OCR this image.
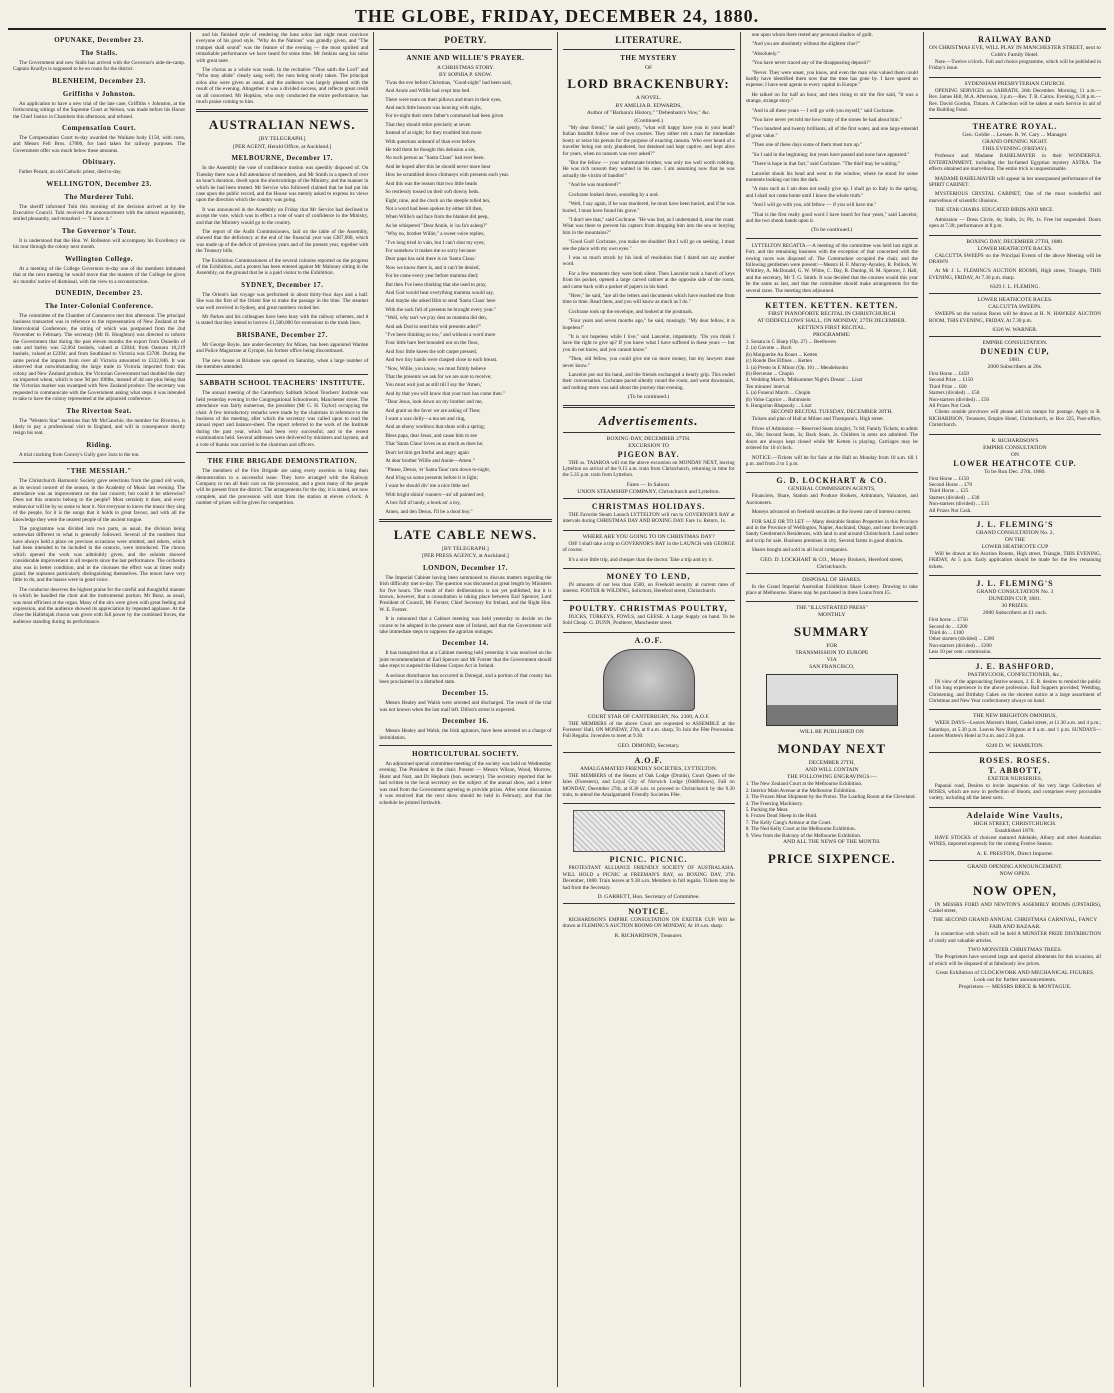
THE GLOBE, FRIDAY, DECEMBER 24, 1880.
OPUNAKE, December 23.
The Stalls.

The Government and new Stalls has arrived with the Governor's aide-de-camp. Captain Knollys is supposed to be en route for the district.

BLENHEIM, December 23.
Griffiths v Johnston.

An application to have a new trial of the late case, Griffiths v Johnston, at the forthcoming sittings of the Supreme Court at Nelson, was made before his Honor the Chief Justice in Chambers this afternoon, and refused.

Compensation Court.

The Compensation Court to-day awarded the Waikato body £150, with costs, and Messrs Fell Bros. £7000, for land taken for railway purposes. The Government offer was much below these amounts.

Obituary.

Father Pezant, an old Catholic priest, died to-day.

WELLINGTON, December 23.
The Murderer Tuhi.

The sheriff informed Tuhi this morning of the decision arrived at by the Executive Council. Tuhi received the announcement with the utmost equanimity, smiled pleasantly, and remarked — "I know it."

The Governor's Tour.

It is understood that the Hon. W. Rolleston will accompany his Excellency on his tour through the colony next month.

Wellington College.

At a meeting of the College Governors to-day one of the members intimated that at the next meeting he would move that the masters of the College be given six months' notice of dismissal, with the view to a reconstruction.

DUNEDIN, December 23.
The Inter-Colonial Conference.

The committee of the Chamber of Commerce met this afternoon. The principal business transacted was in reference to the representation of New Zealand at the Intercolonial Conference, the sitting of which was postponed from the 2nd November to February. The secretary (Mr H. Houghton) was directed to inform the Government that during the past eleven months the export from Dunedin of oats and barley was 52,064 bushels, valued at £3844; from Oamaru 18,219 bushels, valued at £2394; and from Southland to Victoria was £3700. During the same period the imports from over all Victoria amounted to £332,846. It was observed that notwithstanding the large trade in Victoria imported from this colony and New Zealand produce, the Victorian Government had doubled the duty on imported wheat, which is now 9d per 100lbs, instead of 4d one plus being that the Victorian market was swamped with New Zealand produce. The secretary was requested to communicate with the Government asking what steps it was intended to take to have the colony represented at the adjourned conference.

The Riverton Seat.

The "Western Star" mentions that Mr McGauchie, the member for Riverton, is likely to pay a professional visit to England, and will in consequence shortly resign his seat.

Riding.

A trial cracking from Conroy's Gully gave 3ozs to the ton.

"THE MESSIAH."

The Christchurch Harmonic Society gave selections from the grand old work, as its second concert of the season, in the Academy of Music last evening. The attendance was an improvement on the last concert; but could it be otherwise? Does not this oratorio belong to the people? Most certainly it does, and every endeavour will be by so some to hear it. Not everyone to know the music they sing of the people, for it is the songs that it holds in great favour, and with all the knowledge they were the nearest people of the ancient tongue.

The programme was divided into two parts, as usual, the division being somewhat different to what is generally followed. Several of the numbers that have always held a place on previous occasions were omitted, and others, which had been intended to be included in the oratorio, were introduced. The chorus which opened the work was admirably given, and the soloists showed considerable improvement in all respects since the last performance. The orchestra also was in better condition, and in the choruses the effect was at times really grand, the sopranos particularly distinguishing themselves. The tenors have very little to do, and the basses were in good voice.

The conductor deserves the highest praise for the careful and thoughtful manner in which he handled the choir and the instrumental portion. Mr Bunz, as usual, was most efficient at the organ. Many of the airs were given with great feeling and expression, and the audience showed its appreciation by repeated applause. At the close the Hallelujah chorus was given with full power by the combined forces, the audience standing during its performance.

and his finished style of rendering the bass solos last night must convince everyone of his good style. "Why do the Nations" was grandly given, and "The trumpet shall sound" was the feature of the evening — the most spirited and remarkable performance we have heard for some time. Mr Jenkins sang his solos with great taste.

The chorus as a whole was weak. In the recitative "Thus saith the Lord" and "Who may abide" clearly sang well; the runs being nicely taken. The principal solos also were given as usual, and the audience was largely pleased with the result of the evening. Altogether it was a divided success, and reflects great credit on all concerned. Mr Hopkins, who only conducted the entire performance, has much praise coming to him.

AUSTRALIAN NEWS.
[BY TELEGRAPH.]
[PER AGENT, Herald Office, at Auckland.]
MELBOURNE, December 17.

In the Assembly the vote of confidence motion was speedily disposed of. On Tuesday there was a full attendance of members, and Mr Smith in a speech of over an hour's duration, dwelt upon the shortcomings of the Ministry, and the manner in which he had been treated. Mr Service who followed claimed that he had put his case upon the public record, and the House was merely asked to express its views upon the direction which the country was going.

It was announced in the Assembly on Friday that Mr Service had declined to accept the vote, which was in effect a vote of want of confidence in the Ministry, and that the Ministry would go to the country.

The report of the Audit Commissioners, laid on the table of the Assembly, showed that the deficiency at the end of the financial year was £387,000, which was made up of the deficit of previous years and of the present year, together with the Treasury bills.

The Exhibition Commissioners of the several colonies reported on the progress of the Exhibition, and a protest has been entered against Mr Maloney sitting in the Assembly, on the ground that he is a paid visitor to the Exhibition.

SYDNEY, December 17.

The Orient's last voyage was performed in about thirty-four days and a half. She was the first of the Orient line to make the passage in the time. The steamer was well received in Sydney, and great numbers visited her.

Mr Parkes and his colleagues have been busy with the railway schemes, and it is stated that they intend to borrow £1,500,000 for extensions to the trunk lines.

BRISBANE, December 27.

Mr George Boyle, late under-Secretary for Mines, has been appointed Warden and Police Magistrate at Gympie, his former office being discontinued.

The new house at Brisbane was opened on Saturday, when a large number of the members attended.

SABBATH SCHOOL TEACHERS' INSTITUTE.

The annual meeting of the Canterbury Sabbath School Teachers' Institute was held yesterday evening in the Congregational Schoolroom, Manchester street. The attendance was fairly numerous, the president (Mr G. H. Taylor) occupying the chair. A few introductory remarks were made by the chairman in reference to the business of the meeting, after which the secretary was called upon to read the annual report and balance-sheet. The report referred to the work of the Institute during the past year, which had been very successful, and to the recent examinations held. Several addresses were delivered by ministers and laymen, and a vote of thanks was carried to the chairman and officers.

THE FIRE BRIGADE DEMONSTRATION.

The members of the Fire Brigade are using every exertion to bring their demonstration to a successful issue. They have arranged with the Railway Company to run all their cars on the procession, and a great many of the people will be present from the district. The arrangements for the day, it is stated, are now complete, and the procession will start from the station at eleven o'clock. A number of prizes will be given for competition.

POETRY.
ANNIE AND WILLIE'S PRAYER.
A CHRISTMAS STORY.
BY SOPHIA P. SNOW.

'Twas the eve before Christmas, "Good-night" had been said,

And Annie and Willie had crept into bed.

There were tears on their pillows and tears in their eyes,

And each little bosom was heaving with sighs,

For to-night their stern father's command had been given

That they should retire precisely at seven

Instead of at eight; for they troubled him more

With questions unheard of than ever before.

He told them he thought this delusion a sin,

No such person as "Santa Claus" had ever been.

And he hoped after this he should never more hear

How he scrambled down chimneys with presents each year.

And this was the reason that two little heads

So restlessly tossed on their soft downy beds.

Eight, nine, and the clock on the steeple tolled ten,

Not a word had been spoken by either till then,

When Willie's sad face from the blanket did peep,

As he whispered "Dear Annie, is 'ou fa's asleep?"

"Why no, brother Willie," a sweet voice replies,

"I've long tried in vain, but I can't shut my eyes;

For somehow it makes me so sorry because

Dear papa has said there is no 'Santa Claus.'

Now we know there is, and it can't be denied,

For he came every year before mamma died;

But then I've been thinking that she used to pray,

And God would hear everything mamma would say,

And maybe she asked Him to send 'Santa Claus' here

With the sack full of presents he brought every year."

"Well, why tan't we p'ay dest as mamma did den,

And ask Dod to send him wid presents aden?"

"I've been thinking so too," and without a word more

Four little bare feet bounded out on the floor,

And four little knees the soft carpet pressed,

And two tiny hands were clasped close to each breast.

"Now, Willie, you know, we must firmly believe

That the presents we ask for we are sure to receive;

You must wait just as still till I say the 'Amen,'

And by that you will know that your turn has come then."

"Dear Jesus, look down on my brother and me,

And grant us the favor we are asking of Thee;

I want a wax dolly—a tea set and ring,

And an ebony workbox that shuts with a spring;

Bless papa, dear Jesus, and cause him to see

That 'Santa Claus' loves us as much as does he;

Don't let him get fretful and angry again

At dear brother Willie and Annie—Amen."

"Please, Desus, 'et 'Santa Taus' tum down to-night,

And b'ing us some presents before it is light;

I want he should div' me a nice little sed

With bright shinin' runners—an' all painted red;

A box full of tandy, a book an' a toy,

Amen, and den Desus, I'll be a dood boy."

LATE CABLE NEWS.
[BY TELEGRAPH.]
[PER PRESS AGENCY, at Auckland.]
LONDON, December 17.

The Imperial Cabinet having been summoned to discuss matters regarding the Irish difficulty met to-day. The question was discussed at great length by Ministers for five hours. The result of their deliberations is not yet published, but it is known, however, that a consultation is taking place between Earl Spencer, Lord President of Council, Mr Forster, Chief Secretary for Ireland, and the Right Hon. W. E. Forster.

It is rumoured that a Cabinet meeting was held yesterday to decide on the course to be adopted in the present state of Ireland, and that the Government will take immediate steps to suppress the agrarian outrages.

December 14.

It has transpired that at a Cabinet meeting held yesterday it was resolved on the joint recommendation of Earl Spencer and Mr Forster that the Government should take steps to suspend the Habeas Corpus Act in Ireland.

A serious disturbance has occurred in Donegal, and a portion of that county has been proclaimed in a disturbed state.

December 15.

Messrs Healey and Walsh were arrested and discharged. The result of the trial was not known when the last mail left. Dillon's arrest is expected.

December 16.

Messrs Healey and Walsh, the Irish agitators, have been arrested on a charge of intimidation.

HORTICULTURAL SOCIETY.

An adjourned special committee meeting of the society was held on Wednesday evening. The President in the chair. Present — Messrs Wilson, Wood, Morrow, Hurst and Nott, and Dr Hepburn (hon. secretary). The secretary reported that he had written to the local secretary on the subject of the annual show, and a letter was read from the Government agreeing to provide prizes. After some discussion it was resolved that the next show should be held in February, and that the schedule be printed forthwith.

LITERATURE.
THE MYSTERY
OF
LORD BRACKENBURY:
A NOVEL.
BY AMELIA B. EDWARDS,
Author of "Barbara's History," "Debenham's Vow," &c.
(Continued.)

"My dear friend," he said gently, "what will happy have you in your head? Italian banditti follow one of two courses. They either rob a man for immediate booty or seize his person for the purpose of exacting ransom. Who ever heard of a traveller being not only plundered, but detained and kept captive, and kept alive for years, when no ransom was ever asked?"

"But the fellow — your unfortunate brother, was only too well worth robbing. He was rich ransom they wanted in his case. I am assuming now that he was actually the victim of bandits!"

"And he was murdered?"

Cochrane looked down, sounding by a nod.

"Well, I say again, if he was murdered, he must have been buried, and if he was buried, I must have found his grave."

"I don't see that," said Cochrane. "He was lost, as I understand it, near the coast. What was there to prevent his captors from dropping him into the sea or burying him in the mountains?"

"Good God! Cochrane, you make me shudder! But I will go on seeking. I must see the place with my own eyes."

I was so much struck by his look of resolution that I dared not say another word.

For a few moments they were both silent. Then Lancelot took a bunch of keys from his pocket, opened a large carved cabinet at the opposite side of the room, and came back with a packet of papers in his hand.

"Here," he said, "are all the letters and documents which have reached me from time to time. Read them, and you will know as much as I do."

Cochrane took up the envelope, and looked at the postmark.

"Four years and seven months ago," he said, musingly. "My dear fellow, it is hopeless!"

"It is not hopeless while I live," said Lancelot, impatiently. "Do you think I have the right to give up? If you knew what I have suffered in these years — but you do not know, and you cannot know."

"Then, old fellow, you could give me no more money, but my lawyers must never know."

Lancelot put out his hand, and the friends exchanged a hearty grip. This ended their conversation. Cochrane paced silently round the room, and went downstairs, and nothing more was said about the journey that evening.

(To be continued.)
Advertisements.
BOXING-DAY, DECEMBER 27TH.
EXCURSION TO
PIGEON BAY.

THE ss. TAIAROA will run the above excursion on MONDAY NEXT, leaving Lyttelton on arrival of the 9.15 a.m. train from Christchurch, returning in time for the 5.35 p.m. train from Lyttelton.

Fares — In Saloon.
UNION STEAMSHIP COMPANY, Christchurch and Lyttelton.
CHRISTMAS HOLIDAYS.

THE Favorite Steam Launch LYTTELTON will run to GOVERNOR'S BAY at intervals during CHRISTMAS DAY AND BOXING DAY. Fare 1s. Return, 1s.

WHERE ARE YOU GOING TO ON CHRISTMAS DAY?

OH! I shall take a trip to GOVERNOR'S BAY in the LAUNCH with GEORGE of course.

It's a nice little trip, and cheaper than the doctor. Take a trip and try it.

MONEY TO LEND,

IN amounts of not less than £500, on Freehold security at current rates of interest. FOSTER & WILDING, Solicitors, Hereford street, Christchurch.

POULTRY. CHRISTMAS POULTRY,

DUCKS, TURKEYS, FOWLS, and GEESE. A Large Supply on hand. To be Sold Cheap. G. DUNN, Poulterer, Manchester street.

A.O.F.
COURT STAR OF CANTERBURY, No. 2300, A.O.F.

THE MEMBERS of the above Court are requested to ASSEMBLE at the Foresters' Hall, ON MONDAY, 27th, at 8 a.m. sharp, To Join the Fête Procession. Full Regalia. Juveniles to meet at 9.30.

GEO. DIMOND, Secretary.
A.O.F.
AMALGAMATED FRIENDLY SOCIETIES, LYTTELTON.

THE MEMBERS of the Hearts of Oak Lodge (Druids), Court Queen of the Isles (Foresters), and Loyal City of Norwich Lodge (Oddfellows), Fall on MONDAY, December 27th, at 8.30 a.m. to proceed to Christchurch by the 9.30 train, to attend the Amalgamated Friendly Societies Fête.

PICNIC. PICNIC.

PROTESTANT ALLIANCE FRIENDLY SOCIETY OF AUSTRALASIA. WILL HOLD a PICNIC at FREEMAN'S BAY, on BOXING DAY, 27th December, 1880. Train leaves at 9.30 a.m. Members in full regalia. Tickets may be had from the Secretary.

D. GARRETT, Hon. Secretary of Committee.
NOTICE.

RICHARDSON'S EMPIRE CONSULTATION ON EXETER CUP. Will be drawn at FLEMING'S AUCTION ROOMS ON MONDAY, At 10 a.m. sharp.

R. RICHARDSON, Treasurer.

one upon whom there rested any personal shadow of guilt.

"And you are absolutely without the slightest clue?"

"Absolutely."

"You have never traced any of the disappearing deposit?"

"Never. They were unset, you know, and even the man who valued them could hardly have identified them now that the time has gone by. I have spared no expense; I have sent agents to every capital in Europe."

He talked on for half an hour, and then rising to stir the fire said, "It was a strange, strange story."

"And in all these years — I will go with you myself," said Cochrane.

"You have never yet told me how many of the stones he had about him."

"Two hundred and twenty brilliants, all of the first water, and one large emerald of great value."

"Then one of these days some of them must turn up."

"So I said in the beginning; but years have passed and none have appeared."

"There is hope in that fact," said Cochrane. "The thief may be waiting."

Lancelot shook his head and went to the window, where he stood for some moments looking out into the dark.

"A man such as I am does not easily give up. I shall go to Italy in the spring, and I shall not come home until I know the whole truth."

"And I will go with you, old fellow — if you will have me."

"That is the first really good word I have heard for four years," said Lancelot, and the two shook hands upon it.

(To be continued.)

LYTTELTON REGATTA.—A meeting of the committee was held last night at Fort, and the remaining business with the exception of that concerned with the rowing races was disposed of. The Commodore occupied the chair, and the following gentlemen were present:—Messrs H. F. Murray-Aynsley, R. Pollock, W. Whittley, A. McDonald, G. W. White, C. Day, R. Dunlop, H. M. Spencer, J. Hall, and the secretary, Mr T. G. Smith. It was decided that the courses would this year be the same as last, and that the committee should make arrangements for the several races. The meeting then adjourned.

KETTEN. KETTEN. KETTEN.
FIRST PIANOFORTE RECITAL IN CHRISTCHURCH
AT ODDFELLOWS' HALL, ON MONDAY, 27TH DECEMBER.
KETTEN'S FIRST RECITAL.
PROGRAMME:
1. Sonata in C Sharp (Op. 27) ... Beethoven
2. (a) Gavotte ... Bach
(b) Marguerite Au Rouet ... Ketten
(c) Ronde Des Elfines ... Ketten
3. (a) Presto in E Minor (Op. 16) ... Mendelssohn
(b) Berceuse ... Chopin
4. Wedding March, 'Midsummer Night's Dream' ... Liszt
Ten minutes' interval.
5. (a) Funeral March ... Chopin
(b) Valse Caprice ... Rubinstein
6. Hungarian Rhapsody ... Liszt
SECOND RECITAL TUESDAY, DECEMBER 28TH.

Tickets and plan of Hall at Milner and Thompson's, High street.

Prices of Admission — Reserved Seats (single), 7s 6d; Family Tickets, to admit six, 30s; Second Seats, 3s; Back Seats, 2s. Children in arms not admitted. The doors are always kept closed while Mr Ketten is playing. Carriages may be ordered for 10 o'clock.

NOTICE.—Tickets will be for Sale at the Hall on Monday from 10 a.m. till 1 p.m. and from 2 to 5 p.m.

G. D. LOCKHART & CO.
GENERAL COMMISSION AGENTS,

Financiers, Share, Station and Produce Brokers, Arbitrators, Valuators, and Auctioneers.

Moneys advanced on freehold securities at the lowest rate of interest current.

FOR SALE OR TO LET — Many desirable Station Properties in this Province and in the Province of Wellington, Napier, Auckland, Otago, and near Invercargill. Sandy Gentlemen's Residences, with land in and around Christchurch. Land orders and scrip for sale. Business premises in city. Several farms in good districts.

Shares bought and sold in all local companies.

GEO. D. LOCKHART & CO., Money Brokers, Hereford street, Christchurch.
DISPOSAL OF SHARES.

In the Grand Imperial Australian Exhibition Share Lottery. Drawing to take place at Melbourne. Shares may be purchased in three Loans from £5.

THE "ILLUSTRATED PRESS"
MONTHLY
SUMMARY
FOR
TRANSMISSION TO EUROPE
VIA
SAN FRANCISCO,
WILL BE PUBLISHED ON
MONDAY NEXT
DECEMBER 27TH,
AND WILL CONTAIN
THE FOLLOWING ENGRAVINGS:—
1. The New Zealand Court at the Melbourne Exhibition.
2. Interior Main Avenue at the Melbourne Exhibition.
3. The Frozen Meat Shipment by the Protos. The Loading Room at the Cleveland.
4. The Freezing Machinery.
5. Packing the Meat.
6. Frozen Dead Sheep in the Hold.
7. The Kelly Gang's Armour at the Court.
8. The Ned Kelly Court at the Melbourne Exhibition.
9. View from the Balcony of the Melbourne Exhibition.
AND ALL THE NEWS OF THE MONTH.
PRICE SIXPENCE.
RAILWAY BAND
ON CHRISTMAS EVE, WILL PLAY IN MANCHESTER STREET, next to Cobb's Family Hotel.

Note.—Twelve o'clock. Full and choice programme, which will be published in Friday's issue.

SYDENHAM PRESBYTERIAN CHURCH.

OPENING SERVICES on SABBATH, 26th December. Morning, 11 a.m.—Rev. James Hill, M.A. Afternoon, 3 p.m.—Rev. T. R. Cairns. Evening, 6.30 p.m.—Rev. David Gordon, Timaru. A Collection will be taken at each Service in aid of the Building Fund.

THEATRE ROYAL.
Geo. Goldie ... Lessee. R. W. Cary ... Manager.
GRAND OPENING NIGHT.
THIS EVENING (FRIDAY).

Professor and Madame BAHELMAYER in their WONDERFUL ENTERTAINMENT, including the far-famed Egyptian mystery ASTRA. The effects obtained are marvellous. The entire trick is unquestionable.

MADAME BAHELMAYER will appear in her unsurpassed performance of the SPIRIT CABINET.

MYSTERIOUS CRYSTAL CABINET, One of the most wonderful and marvellous of scientific illusions.

THE STAR CHAIRS. EDUCATED BIRDS AND MICE.

Admission — Dress Circle, 4s; Stalls, 2s; Pit, 1s. Free list suspended. Doors open at 7.30; performance at 8 p.m.

BOXING DAY, DECEMBER 27TH, 1880.
LOWER HEATHCOTE RACES.

CALCUTTA SWEEPS on the Principal Events of the above Meeting will be DRAWN

At Mr J. L. FLEMING'S AUCTION ROOMS, High street, Triangle, THIS EVENING, FRIDAY, At 7.30 p.m. sharp.

6329 J. L. FLEMING.
LOWER HEATHCOTE RACES.
CALCUTTA SWEEPS.

SWEEPS on the various Races will be drawn at H. N. HAWKES' AUCTION ROOM, THIS EVENING, FRIDAY, At 7.30 p.m.

6326 W. WARNER.
EMPIRE CONSULTATION.
DUNEDIN CUP,
1881.
2000 Subscribers at 20s.
First Horse ... £450
Second Prize ... £150
Third Prize ... £60
Starters (divided) ... £50
Non-starters (divided) ... £50
All Prizes Not Cash.

Clients outside provinces will please add six stamps for postage. Apply to R. RICHARDSON, Treasurer, Empire Hotel, Christchurch, or Box 225, Post-office, Christchurch.

R. RICHARDSON'S
EMPIRE CONSULTATION
ON
LOWER HEATHCOTE CUP.
To be Run Dec. 27th, 1880.
First Horse ... £150
Second Horse ... £70
Third Horse ... £25
Starters (divided) ... £30
Non-starters (divided) ... £15
All Prizes Not Cash.
J. L. FLEMING'S
GRAND CONSULTATION No. 2,
ON THE
LOWER HEATHCOTE CUP

Will be drawn at his Auction Rooms, High street, Triangle, THIS EVENING, FRIDAY, At 5 p.m. Early application should be made for the few remaining tickets.

J. L. FLEMING'S
GRAND CONSULTATION No. 3
DUNEDIN CUP, 1881.
30 PRIZES.
2000 Subscribers at £1 each.
First horse ... £750
Second do ... £200
Third do ... £100
Other starters (divided) ... £200
Non-starters (divided) ... £200
Less 10 per cent. commission.
J. E. BASHFORD,
PASTRYCOOK, CONFECTIONER, &c.,

IN view of the approaching festive season, J. E. B. desires to remind the public of his long experience in the above profession. Ball Suppers provided; Wedding, Christening, and Birthday Cakes on the shortest notice at a large assortment of Christmas and New Year confectionery always on hand.

THE NEW BRIGHTON OMNIBUS,

WEEK DAYS—Leaves Morten's Hotel, Cashel street, at 11.30 a.m. and 4 p.m.; Saturdays, at 5.30 p.m. Leaves New Brighton at 8 a.m. and 1 p.m. SUNDAYS—Leaves Morten's Hotel at 9 a.m. and 2.30 p.m.

6240 D. W. HAMILTON.
ROSES. ROSES.
T. ABBOTT,
EXETER NURSERIES,

Papanui road, Desires to invite inspection of his very large Collection of ROSES, which are now in perfection of bloom, and comprises every procurable variety, including all the latest sorts.

Adelaide Wine Vaults,
HIGH STREET, CHRISTCHURCH.
Established 1870.

HAVE STOCKS of choicest matured Adelaide, Albury and other Australian WINES, imported expressly for the coming Festive Season.

A. E. PRESTON, Direct Importer.
GRAND OPENING ANNOUNCEMENT.
NOW OPEN.
NOW OPEN,

IN MESSRS FORD AND NEWTON'S ASSEMBLY ROOMS (UPSTAIRS), Cashel street,

THE SECOND GRAND ANNUAL CHRISTMAS CARNIVAL, FANCY FAIR AND BAZAAR.

In connection with which will be held A MONSTER PRIZE DISTRIBUTION of costly and valuable articles.

TWO MONSTER CHRISTMAS TREES.

The Proprietors have secured large and special allotments for this occasion, all of which will be disposed of at fabulously low prices.

Great Exhibition of CLOCKWORK AND MECHANICAL FIGURES.
Look out for further announcements.
Proprietors — MESSRS BRICE & MONTAGUE.
